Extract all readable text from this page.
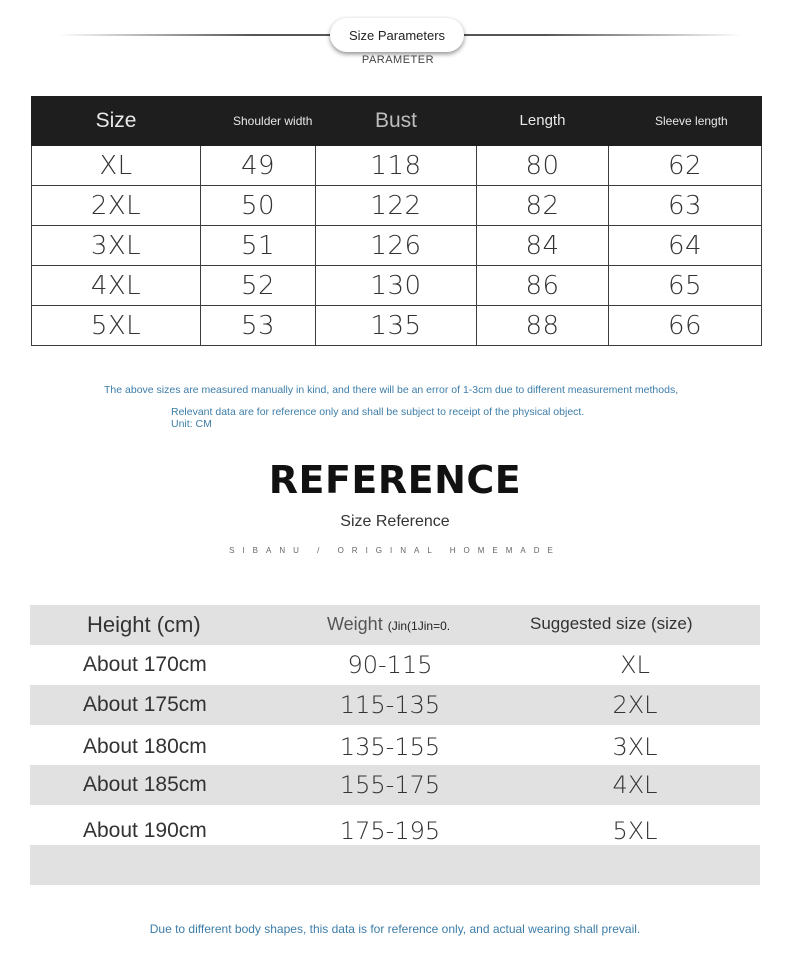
Size Parameters
PARAMETER
Size	Shoulder width	Bust	Length	Sleeve length

XL	49	118	80	62
2XL	50	122	82	63
3XL	51	126	84	64
4XL	52	130	86	65
5XL	53	135	88	66
The above sizes are measured manually in kind, and there will be an error of 1-3cm due to different measurement methods,
Relevant data are for reference only and shall be subject to receipt of the physical object.
Unit: CM
REFERENCE
Size Reference
SIBANU / ORIGINAL HOMEMADE
Height (cm)	Weight (Jin(1Jin=0.	Suggested size (size)
About 170cm	90-115	XL
About 175cm	115-135	2XL
About 180cm	135-155	3XL
About 185cm	155-175	4XL
About 190cm	175-195	5XL
Due to different body shapes, this data is for reference only, and actual wearing shall prevail.
